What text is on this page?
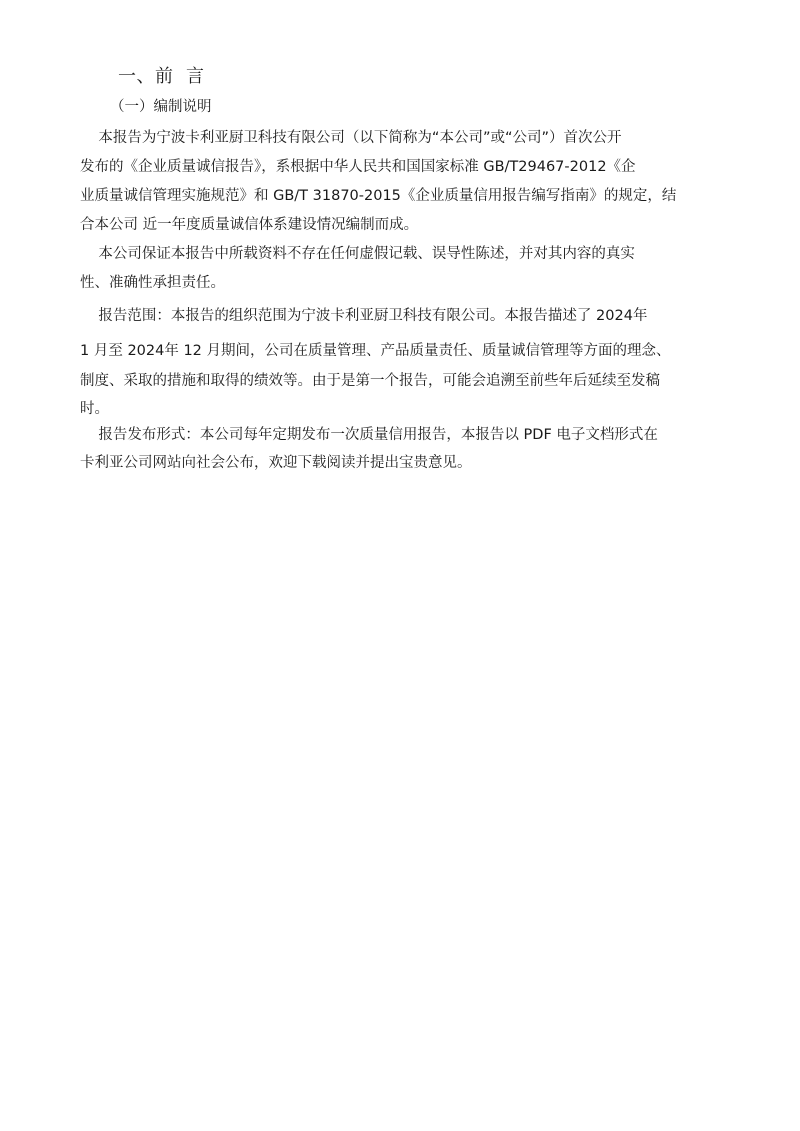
一、前  言
（一）编制说明
本报告为宁波卡利亚厨卫科技有限公司（以下简称为“本公司”或“公司”）首次公开
发布的《企业质量诚信报告》，系根据中华人民共和国国家标准 GB/T29467-2012《企
业质量诚信管理实施规范》和 GB/T 31870-2015《企业质量信用报告编写指南》的规定，结
合本公司 近一年度质量诚信体系建设情况编制而成。
本公司保证本报告中所载资料不存在任何虚假记载、误导性陈述，并对其内容的真实
性、准确性承担责任。
报告范围：本报告的组织范围为宁波卡利亚厨卫科技有限公司。本报告描述了 2024年
1 月至 2024年 12 月期间，公司在质量管理、产品质量责任、质量诚信管理等方面的理念、
制度、采取的措施和取得的绩效等。由于是第一个报告，可能会追溯至前些年后延续至发稿
时。
报告发布形式：本公司每年定期发布一次质量信用报告，本报告以 PDF 电子文档形式在
卡利亚公司网站向社会公布，欢迎下载阅读并提出宝贵意见。
